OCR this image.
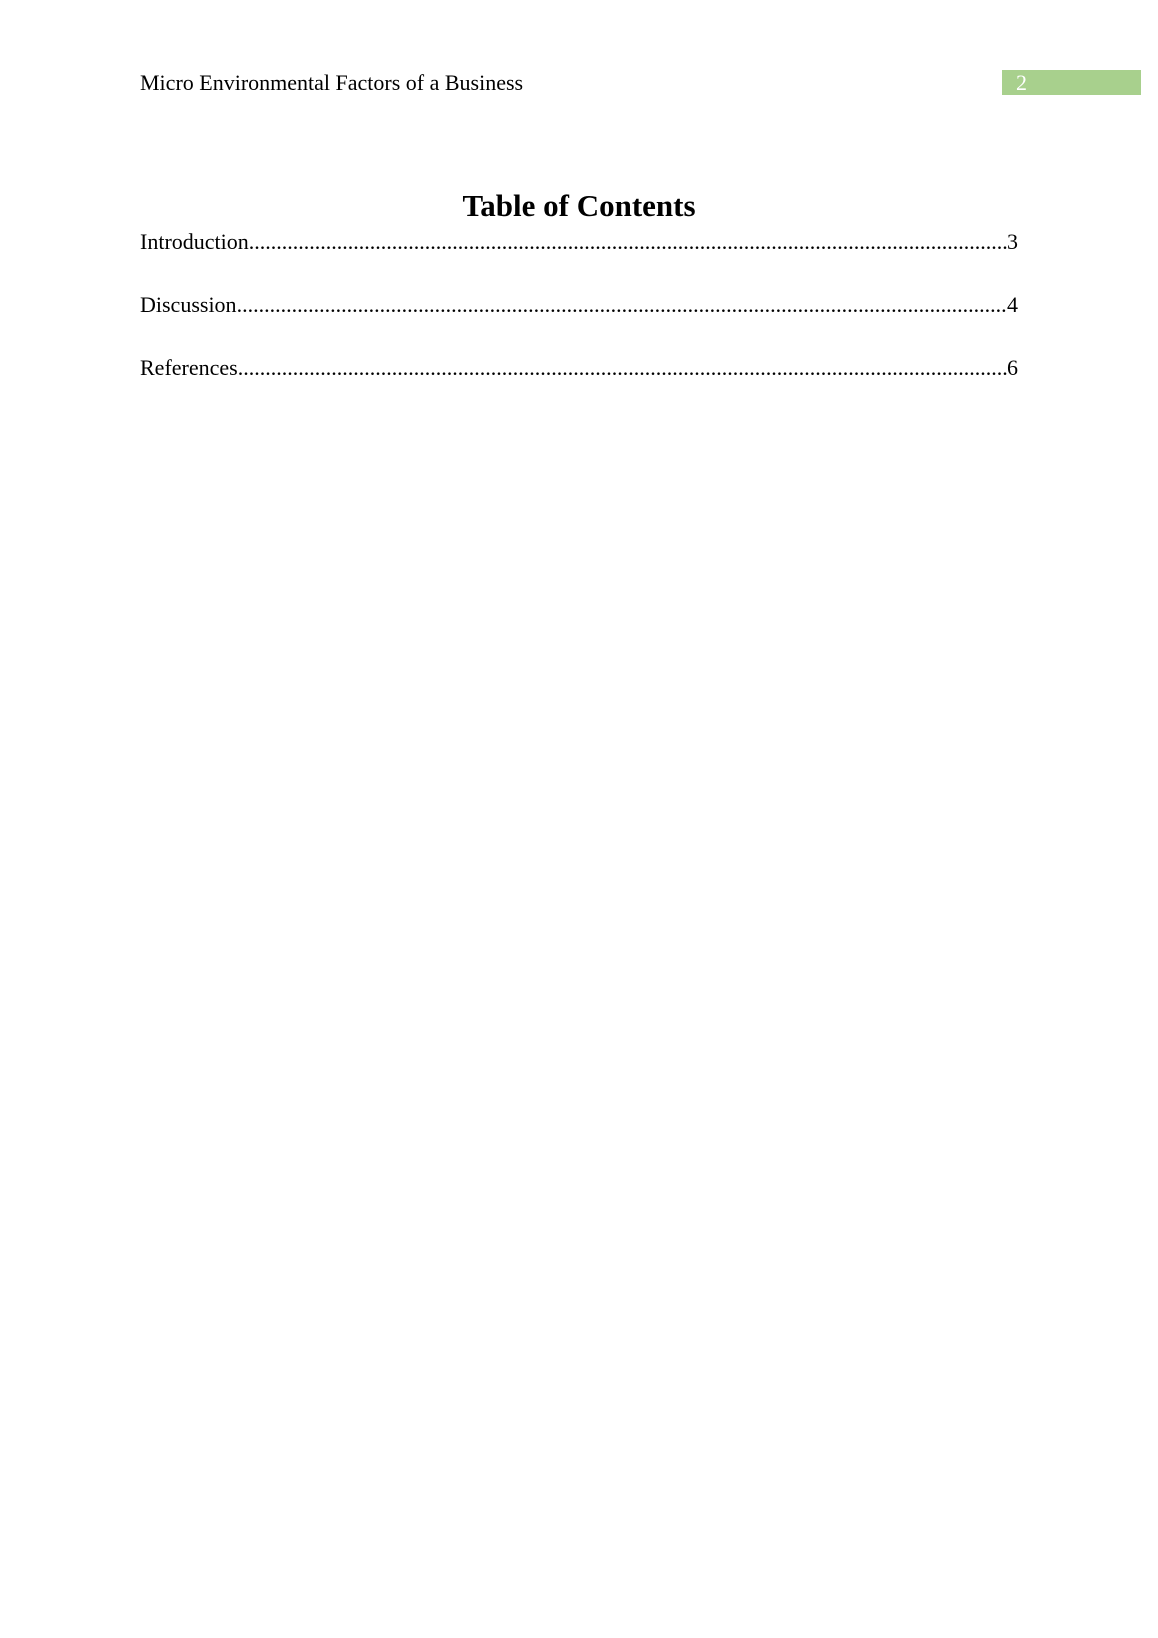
Micro Environmental Factors of a Business	2
Table of Contents
Introduction .....	3
Discussion .....	4
References .....	6
